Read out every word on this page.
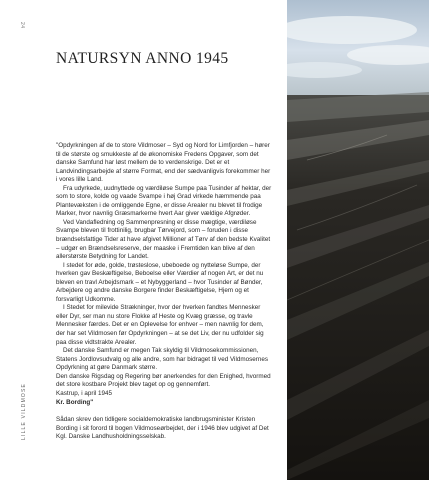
24
LILLE VILDMOSE
NATURSYN ANNO 1945

"Opdyrkningen af de to store Vildmoser – Syd og Nord for Limfjorden – hører til de største og smukkeste af de økonomiske Fredens Opgaver, som det danske Samfund har løst mellem de to verdenskrige. Det er et Landvindingsarbejde af større Format, end der sædvanligvis forekommer her i vores lille Land.

Fra udyrkede, uudnyttede og værdiløse Sumpe paa Tusinder af hektar, der som to store, kolde og vaade Svampe i høj Grad virkede hæmmende paa Plantevæksten i de omliggende Egne, er disse Arealer nu blevet til frodige Marker, hvor navnlig Græsmarkerne hvert Aar giver vældige Afgrøder.

Ved Vandafledning og Sammenpresning er disse mægtige, værdiløse Svampe bleven til frottinilig, brugbar Tørvejord, som – foruden i disse brændselsfattige Tider at have afgivet Millioner af Tørv af den bedste Kvalitet – udgør en Brændselsreserve, der maaske i Fremtiden kan blive af den allerstørste Betydning for Landet.

I stedet for øde, golde, trøsteslose, ubeboede og nytteløse Sumpe, der hverken gav Beskæftigelse, Beboelse eller Værdier af nogen Art, er det nu bleven en travl Arbejdsmark – et Nybyggerland – hvor Tusinder af Bønder, Arbejdere og andre danske Borgere finder Beskæftigelse, Hjem og et forsvarligt Udkomme.

I Stedet for milevide Strækninger, hvor der hverken fandtes Mennesker eller Dyr, ser man nu store Flokke af Heste og Kvæg græsse, og travle Mennesker færdes. Det er en Oplevelse for enhver – men navnlig for dem, der har set Vildmosen før Opdyrkningen – at se det Liv, der nu udfolder sig paa disse vidtstrakte Arealer.

Det danske Samfund er megen Tak skyldig til Vildmosekommissionen, Statens Jordlovsudvalg og alle andre, som har bidraget til ved Vildmosernes Opdyrkning at gøre Danmark større.

Den danske Rigsdag og Regering bør anerkendes for den Enighed, hvormed det store kostbare Projekt blev taget op og gennemført.

Kastrup, i april 1945

Kr. Bording"

Sådan skrev den tidligere socialdemokratiske landbrugsminister Kristen Bording i sit forord til bogen Vildmoseørbejdet, der i 1946 blev udgivet af Det Kgl. Danske Landhusholdningsselskab.
